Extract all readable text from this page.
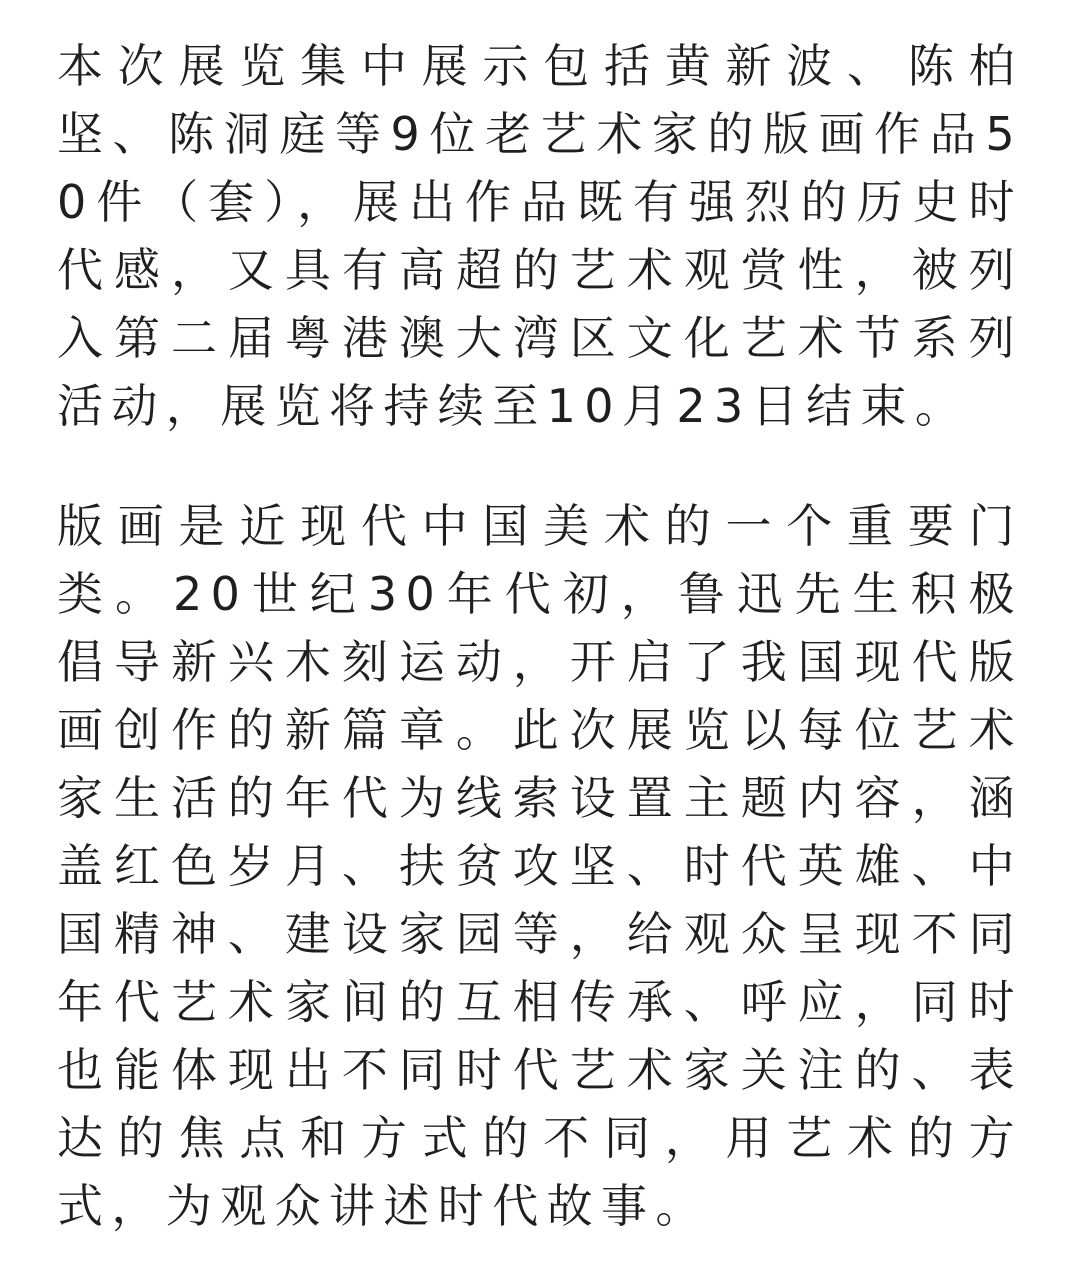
本次展览集中展示包括黄新波、陈柏坚、陈洞庭等9位老艺术家的版画作品50件（套），展出作品既有强烈的历史时代感，又具有高超的艺术观赏性，被列入第二届粤港澳大湾区文化艺术节系列活动，展览将持续至10月23日结束。

版画是近现代中国美术的一个重要门类。20世纪30年代初，鲁迅先生积极倡导新兴木刻运动，开启了我国现代版画创作的新篇章。此次展览以每位艺术家生活的年代为线索设置主题内容，涵盖红色岁月、扶贫攻坚、时代英雄、中国精神、建设家园等，给观众呈现不同年代艺术家间的互相传承、呼应，同时也能体现出不同时代艺术家关注的、表达的焦点和方式的不同，用艺术的方式，为观众讲述时代故事。
